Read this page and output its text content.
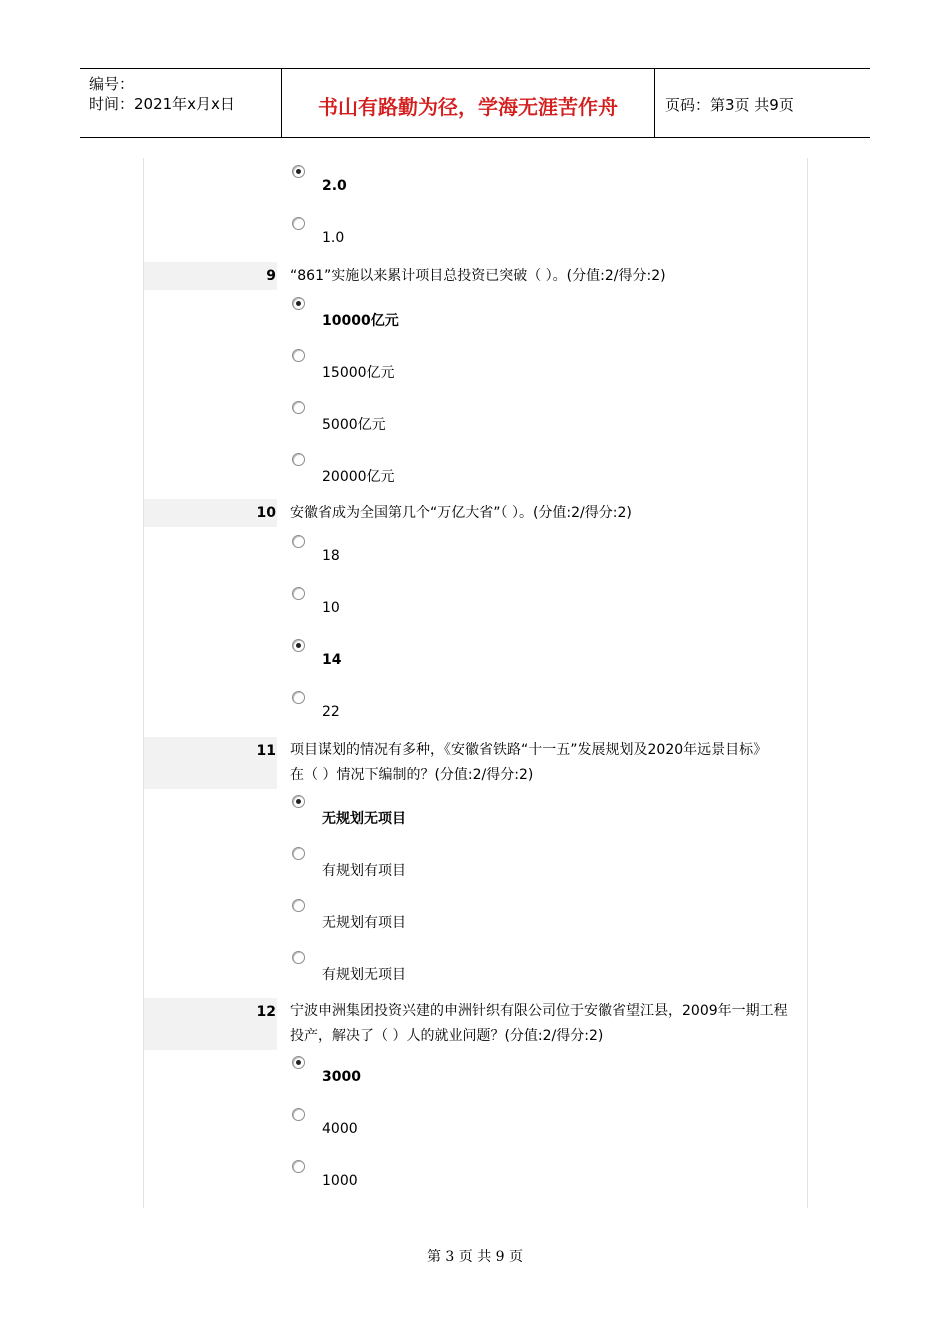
编号：
时间：2021年x月x日	书山有路勤为径，学海无涯苦作舟	页码：第3页 共9页
2.0
1.0
9 “861”实施以来累计项目总投资已突破（ ）。(分值:2/得分:2)
10000亿元
15000亿元
5000亿元
20000亿元
10 安徽省成为全国第几个“万亿大省”（ ）。(分值:2/得分:2)
18
10
14
22
11 项目谋划的情况有多种，《安徽省铁路“十一五”发展规划及2020年远景目标》
在（ ）情况下编制的？(分值:2/得分:2)
无规划无项目
有规划有项目
无规划有项目
有规划无项目
12 宁波申洲集团投资兴建的申洲针织有限公司位于安徽省望江县，2009年一期工程
投产，解决了（ ）人的就业问题？(分值:2/得分:2)
3000
4000
1000
第 3 页 共 9 页
